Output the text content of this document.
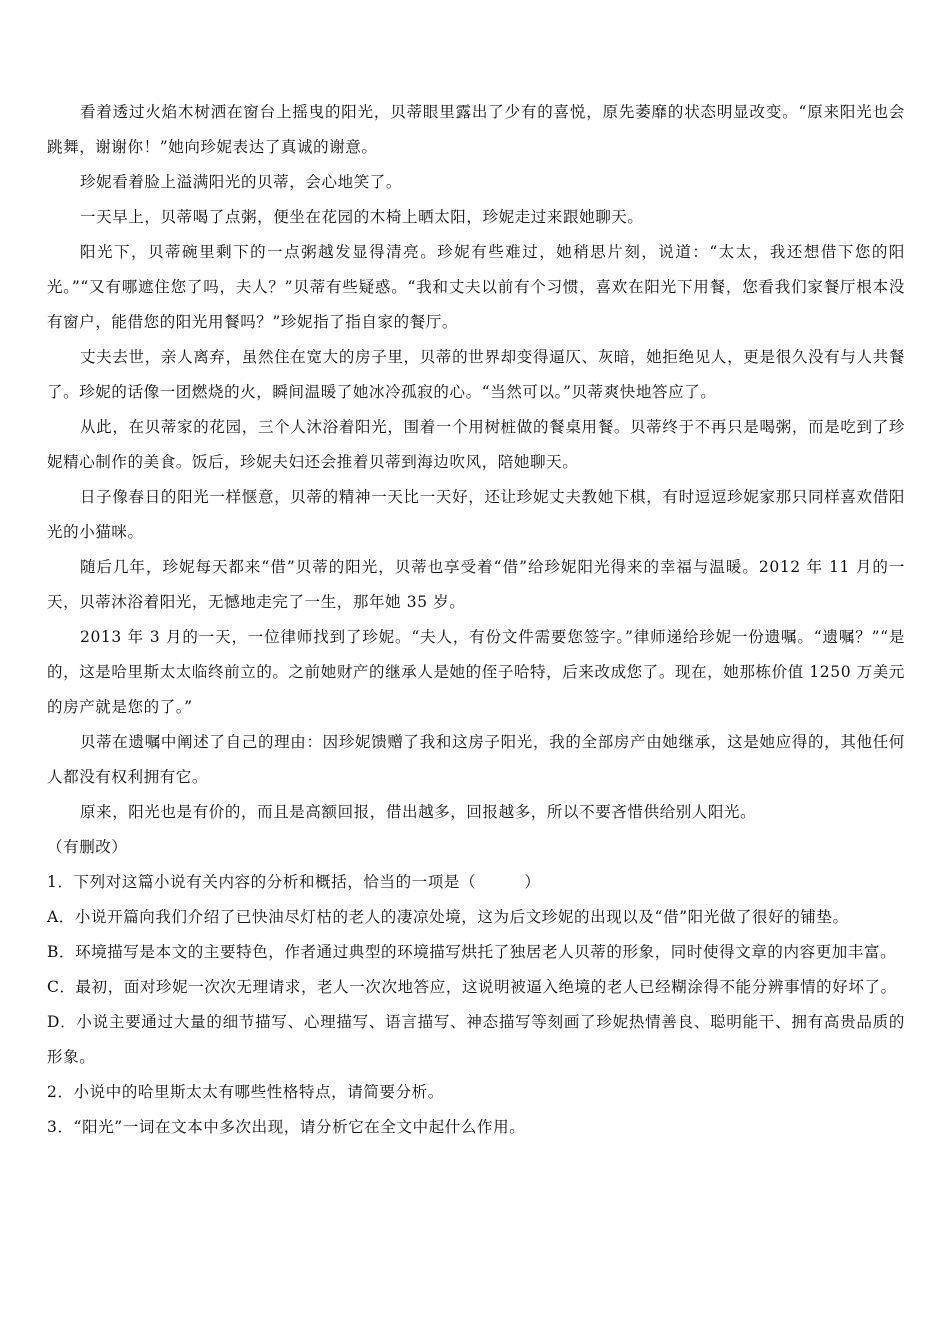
看着透过火焰木树洒在窗台上摇曳的阳光，贝蒂眼里露出了少有的喜悦，原先萎靡的状态明显改变。“原来阳光也会跳舞，谢谢你！”她向珍妮表达了真诚的谢意。

珍妮看着脸上溢满阳光的贝蒂，会心地笑了。

一天早上，贝蒂喝了点粥，便坐在花园的木椅上晒太阳，珍妮走过来跟她聊天。

阳光下，贝蒂碗里剩下的一点粥越发显得清亮。珍妮有些难过，她稍思片刻，说道：“太太，我还想借下您的阳光。”“又有哪遮住您了吗，夫人？”贝蒂有些疑惑。“我和丈夫以前有个习惯，喜欢在阳光下用餐，您看我们家餐厅根本没有窗户，能借您的阳光用餐吗？”珍妮指了指自家的餐厅。

丈夫去世，亲人离弃，虽然住在宽大的房子里，贝蒂的世界却变得逼仄、灰暗，她拒绝见人，更是很久没有与人共餐了。珍妮的话像一团燃烧的火，瞬间温暖了她冰冷孤寂的心。“当然可以。”贝蒂爽快地答应了。

从此，在贝蒂家的花园，三个人沐浴着阳光，围着一个用树桩做的餐桌用餐。贝蒂终于不再只是喝粥，而是吃到了珍妮精心制作的美食。饭后，珍妮夫妇还会推着贝蒂到海边吹风，陪她聊天。

日子像春日的阳光一样惬意，贝蒂的精神一天比一天好，还让珍妮丈夫教她下棋，有时逗逗珍妮家那只同样喜欢借阳光的小猫咪。

随后几年，珍妮每天都来“借”贝蒂的阳光，贝蒂也享受着“借”给珍妮阳光得来的幸福与温暖。2012 年 11 月的一天，贝蒂沐浴着阳光，无憾地走完了一生，那年她 35 岁。

2013 年 3 月的一天，一位律师找到了珍妮。“夫人，有份文件需要您签字。”律师递给珍妮一份遗嘱。“遗嘱？”“是的，这是哈里斯太太临终前立的。之前她财产的继承人是她的侄子哈特，后来改成您了。现在，她那栋价值 1250 万美元的房产就是您的了。”

贝蒂在遗嘱中阐述了自己的理由：因珍妮馈赠了我和这房子阳光，我的全部房产由她继承，这是她应得的，其他任何人都没有权利拥有它。

原来，阳光也是有价的，而且是高额回报，借出越多，回报越多，所以不要吝惜供给别人阳光。

（有删改）

1．下列对这篇小说有关内容的分析和概括，恰当的一项是（　　　）

A．小说开篇向我们介绍了已快油尽灯枯的老人的凄凉处境，这为后文珍妮的出现以及“借”阳光做了很好的铺垫。

B．环境描写是本文的主要特色，作者通过典型的环境描写烘托了独居老人贝蒂的形象，同时使得文章的内容更加丰富。

C．最初，面对珍妮一次次无理请求，老人一次次地答应，这说明被逼入绝境的老人已经糊涂得不能分辨事情的好坏了。

D．小说主要通过大量的细节描写、心理描写、语言描写、神态描写等刻画了珍妮热情善良、聪明能干、拥有高贵品质的形象。

2．小说中的哈里斯太太有哪些性格特点，请简要分析。

3．“阳光”一词在文本中多次出现，请分析它在全文中起什么作用。
